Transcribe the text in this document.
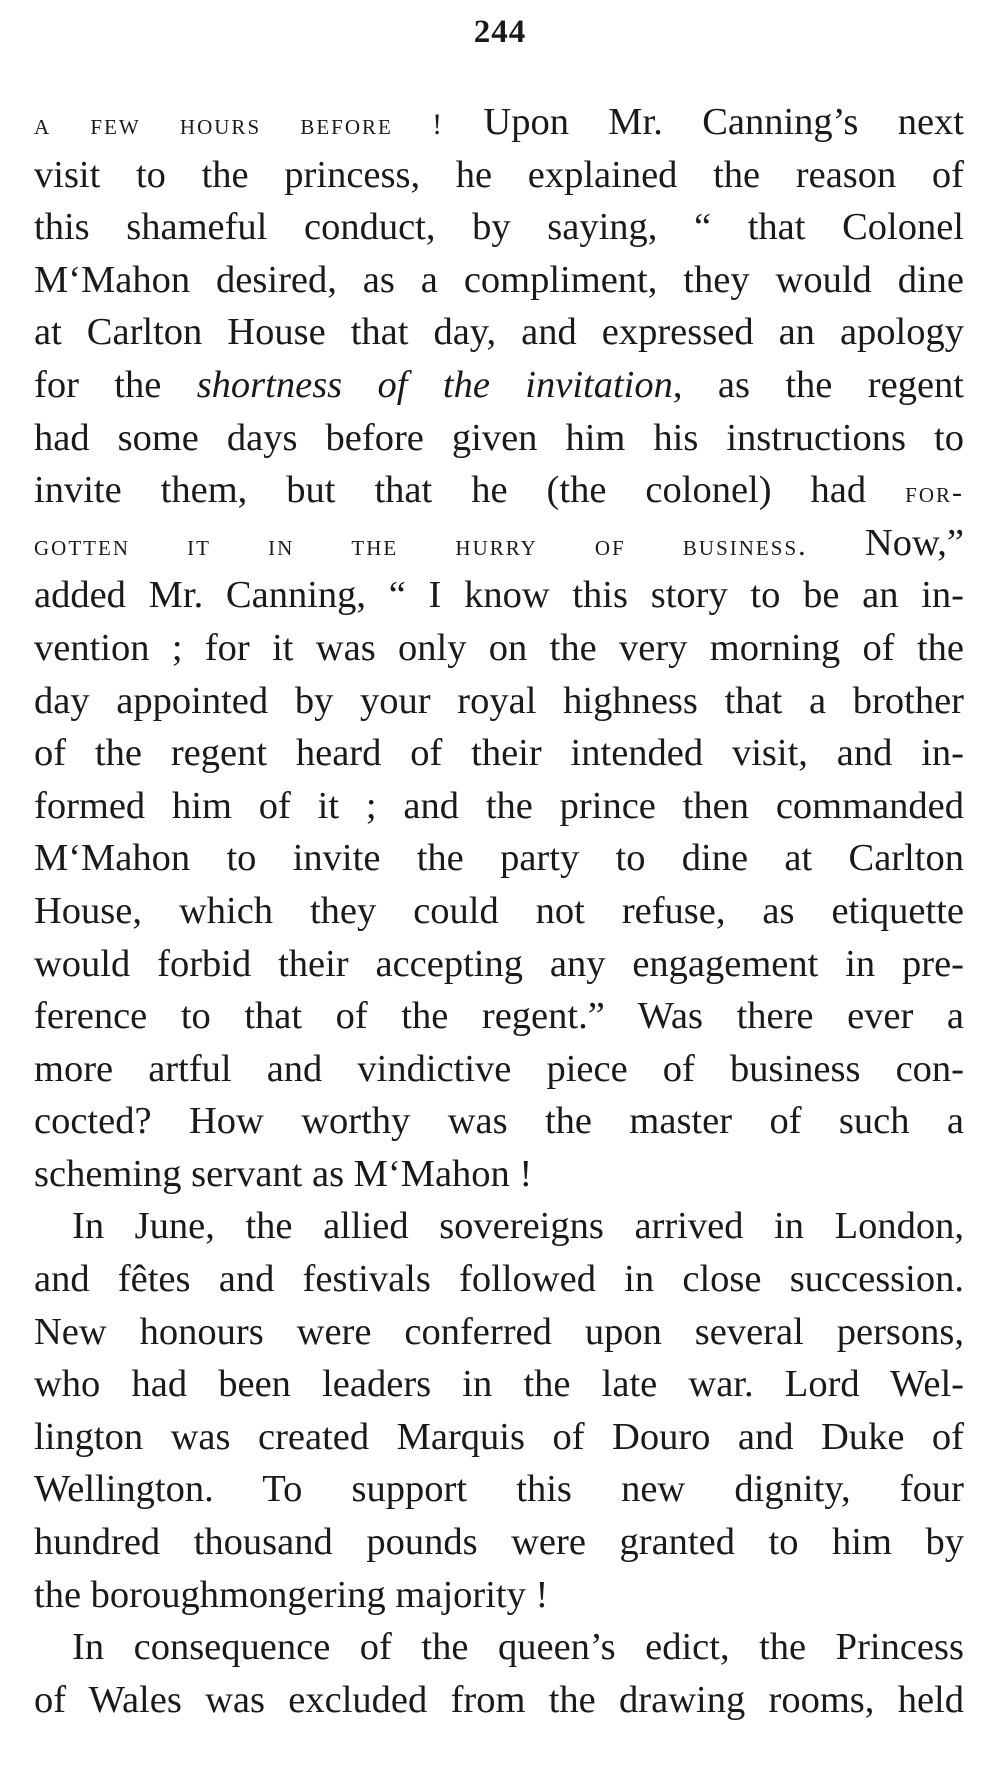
244
a few hours before ! Upon Mr. Canning’s next
visit to the princess, he explained the reason of
this shameful conduct, by saying, “ that Colonel
M‘Mahon desired, as a compliment, they would dine
at Carlton House that day, and expressed an apology
for the shortness of the invitation, as the regent
had some days before given him his instructions to
invite them, but that he (the colonel) had for-
gotten it in the hurry of business. Now,”
added Mr. Canning, “ I know this story to be an in-
vention ; for it was only on the very morning of the
day appointed by your royal highness that a brother
of the regent heard of their intended visit, and in-
formed him of it ; and the prince then commanded
M‘Mahon to invite the party to dine at Carlton
House, which they could not refuse, as etiquette
would forbid their accepting any engagement in pre-
ference to that of the regent.” Was there ever a
more artful and vindictive piece of business con-
cocted? How worthy was the master of such a
scheming servant as M‘Mahon !
In June, the allied sovereigns arrived in London,
and fêtes and festivals followed in close succession.
New honours were conferred upon several persons,
who had been leaders in the late war. Lord Wel-
lington was created Marquis of Douro and Duke of
Wellington. To support this new dignity, four
hundred thousand pounds were granted to him by
the boroughmongering majority !
In consequence of the queen’s edict, the Princess
of Wales was excluded from the drawing rooms, held
